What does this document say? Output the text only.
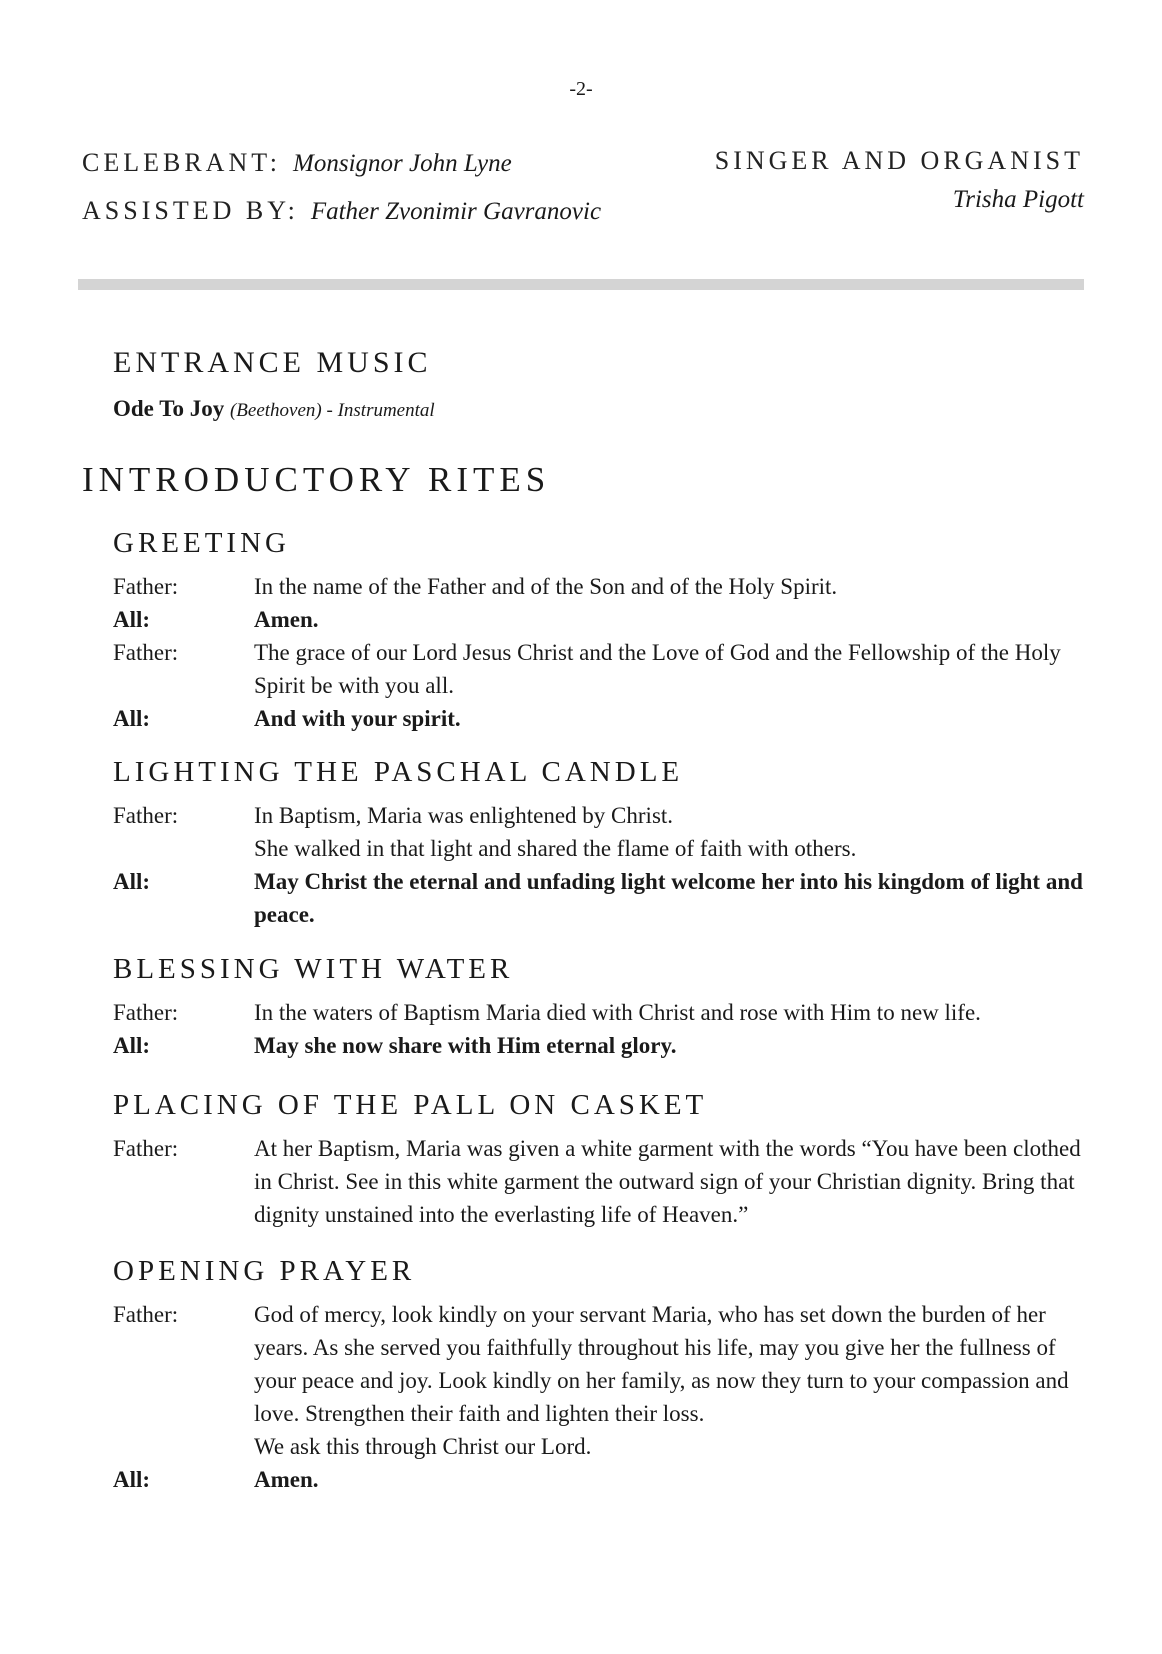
-2-
CELEBRANT: Monsignor John Lyne
ASSISTED BY: Father Zvonimir Gavranovic
SINGER AND ORGANIST
Trisha Pigott
ENTRANCE MUSIC
Ode To Joy (Beethoven) - Instrumental
INTRODUCTORY RITES
GREETING
Father:	In the name of the Father and of the Son and of the Holy Spirit.
All:	Amen.
Father:	The grace of our Lord Jesus Christ and the Love of God and the Fellowship of the Holy Spirit be with you all.
All:	And with your spirit.
LIGHTING THE PASCHAL CANDLE
Father:	In Baptism, Maria was enlightened by Christ.
She walked in that light and shared the flame of faith with others.
All:	May Christ the eternal and unfading light welcome her into his kingdom of light and peace.
BLESSING WITH WATER
Father:	In the waters of Baptism Maria died with Christ and rose with Him to new life.
All:	May she now share with Him eternal glory.
PLACING OF THE PALL ON CASKET
Father:	At her Baptism, Maria was given a white garment with the words “You have been clothed in Christ. See in this white garment the outward sign of your Christian dignity. Bring that dignity unstained into the everlasting life of Heaven.”
OPENING PRAYER
Father:	God of mercy, look kindly on your servant Maria, who has set down the burden of her years. As she served you faithfully throughout his life, may you give her the fullness of your peace and joy. Look kindly on her family, as now they turn to your compassion and love. Strengthen their faith and lighten their loss.
We ask this through Christ our Lord.
All:	Amen.
